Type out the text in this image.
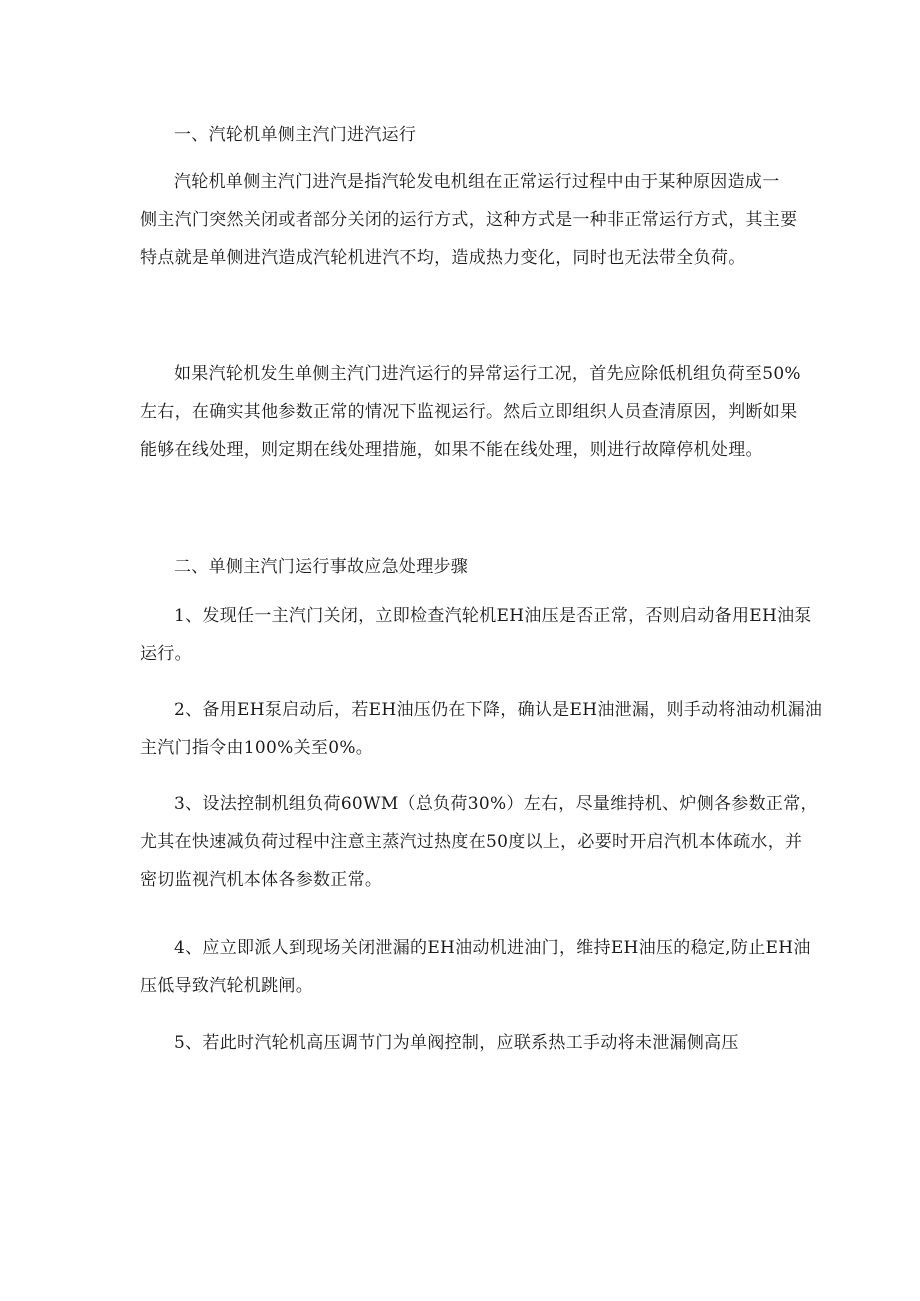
一、汽轮机单侧主汽门进汽运行

汽轮机单侧主汽门进汽是指汽轮发电机组在正常运行过程中由于某种原因造成一
侧主汽门突然关闭或者部分关闭的运行方式，这种方式是一种非正常运行方式，其主要
特点就是单侧进汽造成汽轮机进汽不均，造成热力变化，同时也无法带全负荷。

如果汽轮机发生单侧主汽门进汽运行的异常运行工况，首先应除低机组负荷至50%
左右，在确实其他参数正常的情况下监视运行。然后立即组织人员查清原因，判断如果
能够在线处理，则定期在线处理措施，如果不能在线处理，则进行故障停机处理。

二、单侧主汽门运行事故应急处理步骤

1、发现任一主汽门关闭，立即检查汽轮机EH油压是否正常，否则启动备用EH油泵
运行。

2、备用EH泵启动后，若EH油压仍在下降，确认是EH油泄漏，则手动将油动机漏油
主汽门指令由100%关至0%。

3、设法控制机组负荷60WM（总负荷30%）左右，尽量维持机、炉侧各参数正常，
尤其在快速减负荷过程中注意主蒸汽过热度在50度以上，必要时开启汽机本体疏水，并
密切监视汽机本体各参数正常。

4、应立即派人到现场关闭泄漏的EH油动机进油门，维持EH油压的稳定,防止EH油
压低导致汽轮机跳闸。

5、若此时汽轮机高压调节门为单阀控制，应联系热工手动将未泄漏侧高压
